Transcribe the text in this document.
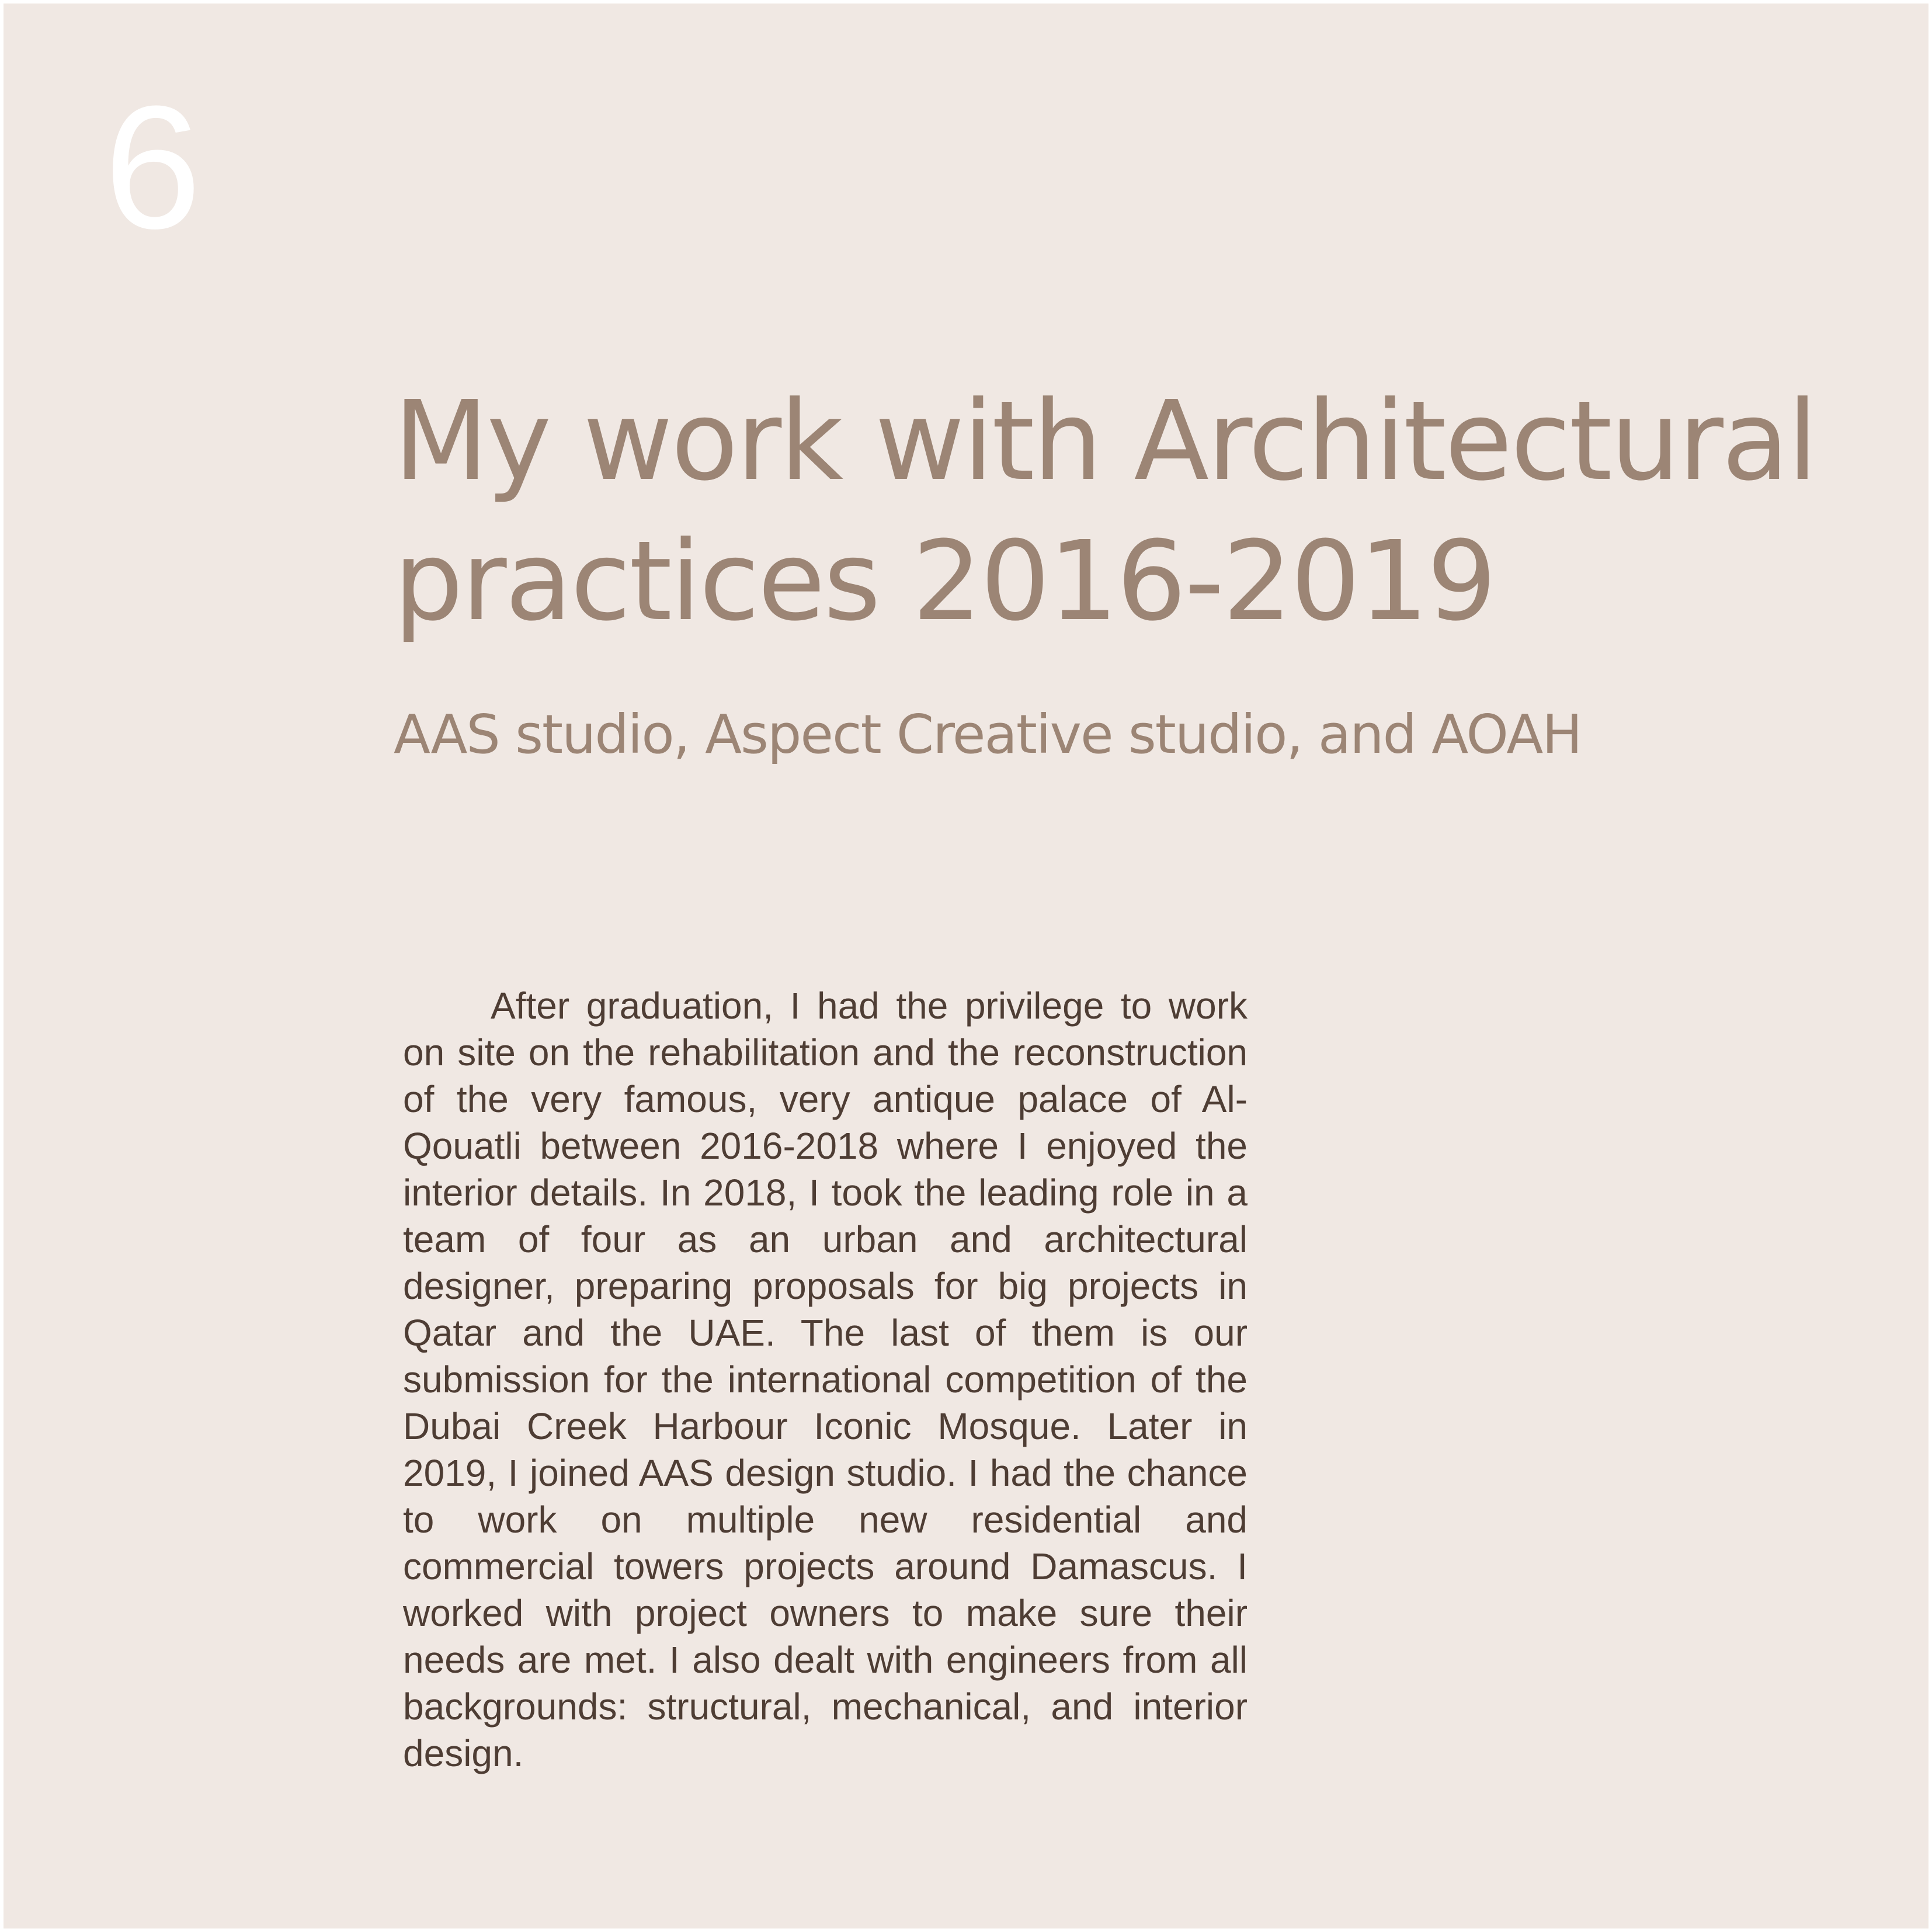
6
My work with Architectural practices 2016-2019
AAS studio, Aspect Creative studio, and AOAH

After graduation, I had the privilege to work on site on the rehabilitation and the reconstruction of the very famous, very antique palace of Al-Qouatli between 2016-2018 where I enjoyed the interior details. In 2018, I took the leading role in a team of four as an urban and architectural designer, preparing proposals for big projects in Qatar and the UAE. The last of them is our submission for the international competition of the Dubai Creek Harbour Iconic Mosque. Later in 2019, I joined AAS design studio. I had the chance to work on multiple new residential and commercial towers projects around Damascus. I worked with project owners to make sure their needs are met. I also dealt with engineers from all backgrounds: structural, mechanical, and interior design.
